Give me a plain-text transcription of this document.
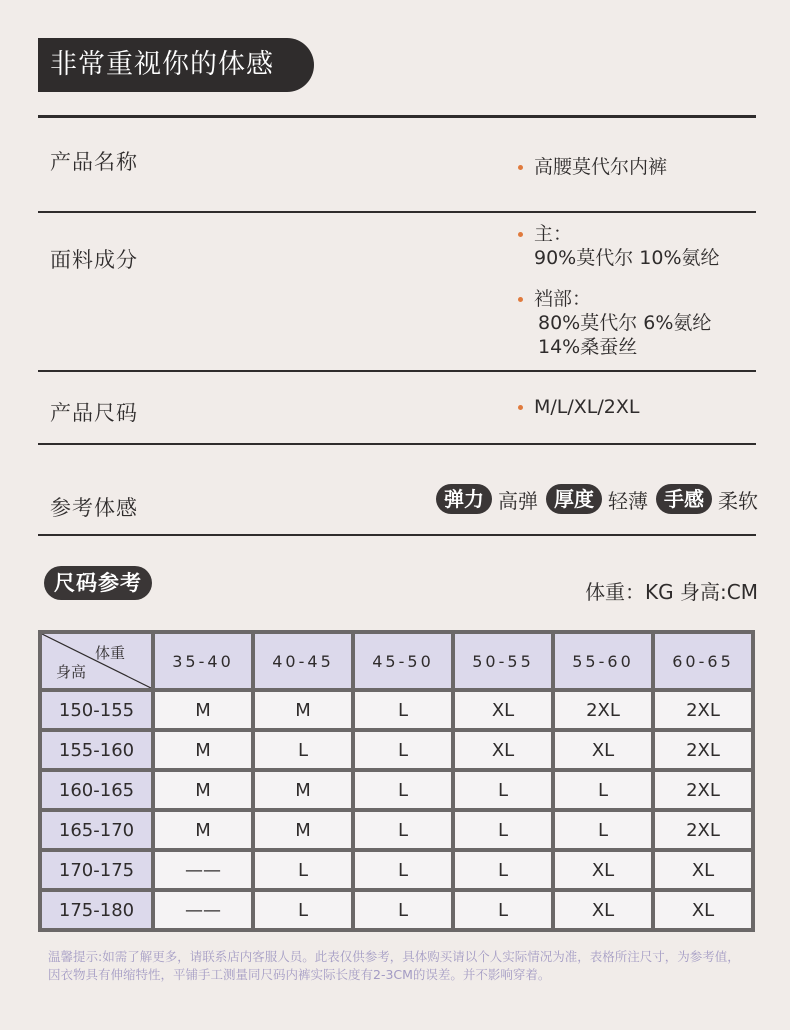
非常重视你的体感
产品名称	高腰莫代尔内裤
面料成分
主：
90%莫代尔 10%氨纶
裆部：
80%莫代尔 6%氨纶
14%桑蚕丝
产品尺码	M/L/XL/2XL
参考体感	弹力 高弹 厚度 轻薄 手感 柔软
尺码参考	体重：KG 身高:CM
体重
身高	35-40	40-45	45-50	50-55	55-60	60-65
150-155	M	M	L	XL	2XL	2XL
155-160	M	L	L	XL	XL	2XL
160-165	M	M	L	L	L	2XL
165-170	M	M	L	L	L	2XL
170-175	——	L	L	L	XL	XL
175-180	——	L	L	L	XL	XL
温馨提示:如需了解更多，请联系店内客服人员。此表仅供参考，具体购买请以个人实际情况为准，表格所注尺寸，为参考值，因衣物具有伸缩特性，平铺手工测量同尺码内裤实际长度有2-3CM的误差。并不影响穿着。
